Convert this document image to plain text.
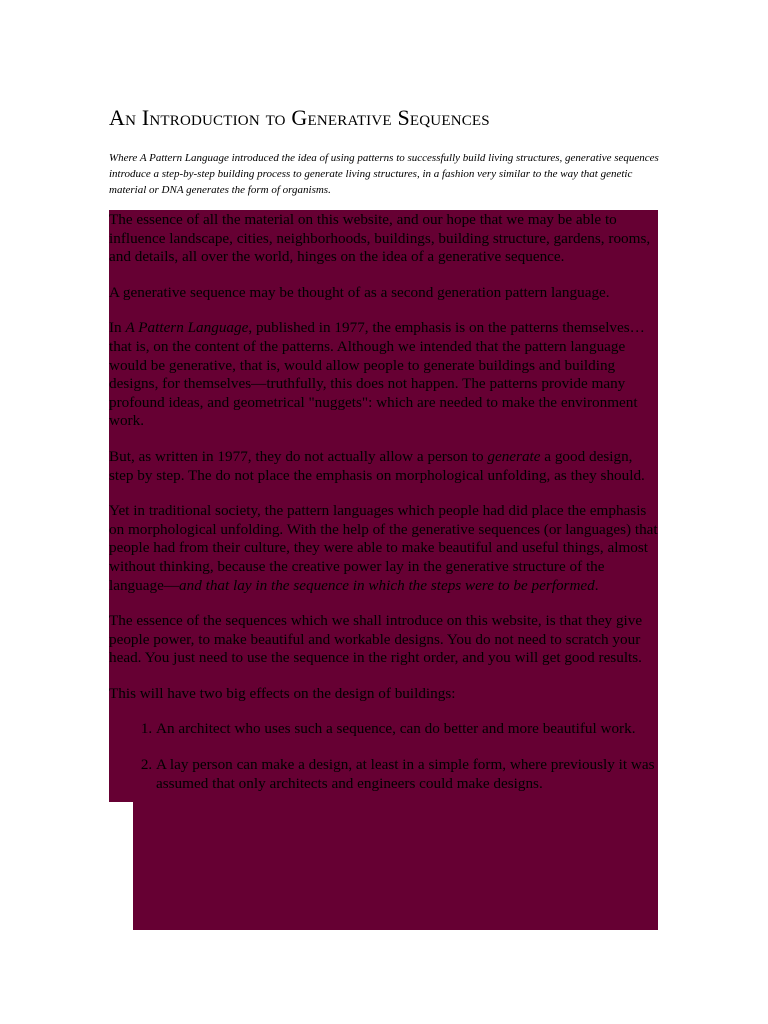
An Introduction to Generative Sequences

Where A Pattern Language introduced the idea of using patterns to successfully build living structures, generative sequences introduce a step-by-step building process to generate living structures, in a fashion very similar to the way that genetic material or DNA generates the form of organisms.

The essence of all the material on this website, and our hope that we may be able to influence landscape, cities, neighborhoods, buildings, building structure, gardens, rooms, and details, all over the world, hinges on the idea of a generative sequence.

A generative sequence may be thought of as a second generation pattern language.

In A Pattern Language, published in 1977, the emphasis is on the patterns themselves…that is, on the content of the patterns. Although we intended that the pattern language would be generative, that is, would allow people to generate buildings and building designs, for themselves—truthfully, this does not happen. The patterns provide many profound ideas, and geometrical "nuggets": which are needed to make the environment work.

But, as written in 1977, they do not actually allow a person to generate a good design, step by step. The do not place the emphasis on morphological unfolding, as they should.

Yet in traditional society, the pattern languages which people had did place the emphasis on morphological unfolding. With the help of the generative sequences (or languages) that people had from their culture, they were able to make beautiful and useful things, almost without thinking, because the creative power lay in the generative structure of the language—and that lay in the sequence in which the steps were to be performed.

The essence of the sequences which we shall introduce on this website, is that they give people power, to make beautiful and workable designs. You do not need to scratch your head. You just need to use the sequence in the right order, and you will get good results.

This will have two big effects on the design of buildings:

1. An architect who uses such a sequence, can do better and more beautiful work.
2. A lay person can make a design, at least in a simple form, where previously it was assumed that only architects and engineers could make designs.
